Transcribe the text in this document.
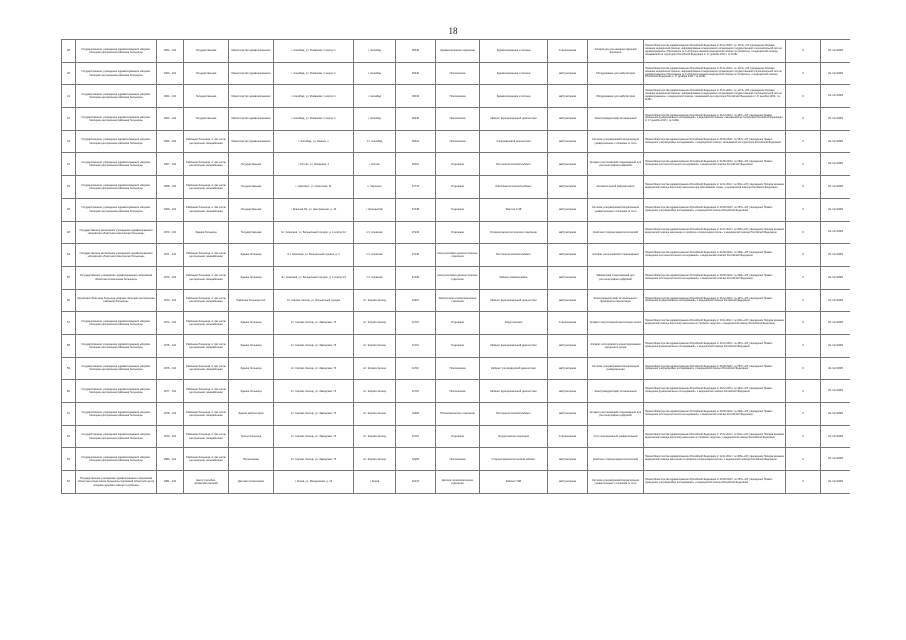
18
38	Государственное учреждение здравоохранения «Кирово-Чепецкая центральная районная больница»	1964…101	Государственная	Министерство здравоохранения	г. Ашхабад, ул. Романова, 1 корпус 1	г. Ашхабад	36440	Здравоохранение отделение	Здравоохранение и гигиена	Стационарная	Аппаратура для оказания функций внешнего	Приказ Министерства здравоохранения Российской Федерации от 06.11.2020 г. № 1271н «Об утверждении Порядка оказания медицинской помощи, информирование в медицинских организациях государственной и муниципальной систем здравоохранения» (Приложение № 6 «Порядок оказания медицинской помощи по профилю»), и медицинской помощи, оказываемой на территории Российской Федерации от 17 декабря 2010 г. № 1128н	0	31.12.2025
40	Государственное учреждение здравоохранения «Кирово-Чепецкая центральная районная больница»	1964…101	Государственная	Министерство здравоохранения	г. Ашхабад, ул. Романова, 1 корпус 1	г. Ашхабад	36440	Поликлиника	Здравоохранение и гигиена	амбулаторная	Оборудование для амбулатории	Приказ Министерства здравоохранения Российской Федерации от 06.11.2020 г. № 1271н «Об утверждении Порядка оказания медицинской помощи, информирование в медицинских организациях государственной и муниципальной систем здравоохранения» (Приложение № 6 «Порядок оказания медицинской помощи по профилю»), и медицинской помощи Российской Федерации от 17 декабря 2010 г. № 1128н	0	31.12.2025
41	Государственное учреждение здравоохранения «Кирово-Чепецкая центральная районная больница»	1964…101	Государственная	Министерство здравоохранения	г. Ашхабад, ул. Романова, 1 корпус 1	г. Ашхабад	36440	Поликлиника	Здравоохранение и гигиена	амбулаторная	Оборудование для амбулатории	Приказ Министерства здравоохранения Российской Федерации от 06.11.2020 г. № 1271н «Об утверждении Порядка оказания медицинской помощи, информирование в медицинских организациях государственной и муниципальной систем здравоохранения», и медицинской помощи, оказываемой на территории Российской Федерации от 17 декабря 2010 г. № 1128н	0	31.12.2025
42	Государственное учреждение здравоохранения «Кирово-Чепецкая центральная районная больница»	1964…101	Государственная	Министерство здравоохранения	г. Ашхабад, ул. Романова, 1 корпус 1	г. Ашхабад	36440	Поликлиника	Кабинет функциональной диагностики	амбулаторная	Электрокардиограф 12-канальный	Приказ Министерства здравоохранения Российской Федерации от 26.12.2016 г. № 997н «Об утверждении Правил проведения функциональных исследований», и медицинской помощи, оказываемой на территории Российской Федерации от 17 декабря 2010 г. № 1128н	0	31.12.2025
43	Государственное учреждение здравоохранения «Кирово-Чепецкая центральная районная больница»	1964…101	Районная больница, в том числе центральная, межрайонная	Министерство здравоохранения	г. Ашхабад, ул. Ленина, 1	пгт. Ашхабад	36121	Поликлиника	Ультразвуковой диагностики	амбулаторная	Система ультразвуковой визуализации универсальная с питанием от сети	Приказ Министерства здравоохранения Российской Федерации от 08.06.2020 г. № 557н «Об утверждении Правил проведения ультразвуковых исследований», и медицинской помощи, оказываемой на территории Российской Федерации	0	31.12.2025
44	Государственное учреждение здравоохранения «Кирово-Чепецкая центральная районная больница»	1967…101	Районная больница, в том числе центральная, межрайонная	Государственная	г. Котлас, ул. Романова, 1	г. Котлас	36121	Отделение	Рентгенологический кабинет	амбулаторная	Аппарат рентгеновский стационарный для рентгенографии цифровой	Приказ Министерства здравоохранения Российской Федерации от 09.06.2020 г. № 560н «Об утверждении Правил проведения рентгенологических исследований», и медицинской помощи Российской Федерации	0	31.12.2025
45	Государственное учреждение здравоохранения «Кирово-Чепецкая центральная районная больница»	1968…101	Районная больница, в том числе центральная, межрайонная	Государственная	г. Чарозеро, ул. Советская, 11	п. Чарозеро	37770	Отделение	Офтальмологический кабинет	амбулаторная	Автоматический рефрактометр	Приказ Министерства здравоохранения Российской Федерации от 12.11.2012 г. № 902н «Об утверждении Порядка оказания медицинской помощи взрослому населению при заболеваниях глаза», и медицинской помощи Российской Федерации	0	31.12.2025
46	Государственное учреждение здравоохранения «Кирово-Чепецкая центральная районная больница»	1969…101	Районная больница, в том числе центральная, межрайонная	Государственная	г. Красный Яр, ул. Центральная, д. 10	г. Красный Яр	37148	Отделение	Рентген У-38	амбулаторная	Система ультразвуковой визуализации универсальная с питанием от сети	Приказ Министерства здравоохранения Российской Федерации от 08.06.2020 г. № 557н «Об утверждении Правил проведения ультразвуковых исследований», и медицинской помощи Российской Федерации	0	31.12.2025
48	Государственное автономное учреждение здравоохранения «Кировская областная клиническая больница»	1970…101	Здание больница	Государственная	пгт. Алексеев, ул. Больничный городок, д. 1 корпус 12	пгт. Алексеев	37140	Отделение	Оториноларингологическое отделение	амбулаторная	Комплекс оториноларингологический	Приказ Министерства здравоохранения Российской Федерации от 12.11.2012 г. № 905н «Об утверждении Порядка оказания медицинской помощи населению по профилю оториноларингология», и медицинской помощи Российской Федерации	0	31.12.2025
54	Государственное автономное учреждение здравоохранения «Кировская областная клиническая больница»	1971…101	Районная больница, в том числе центральная, межрайонная	Здание больница	пгт. Алексеев, ул. Больничный городок, д. 1	пгт. Алексеев	37140	Консультативно-диагностическое отделение	Рентгенологический кабинет	амбулаторная	Аппарат рентгеновский стационарный	Приказ Министерства здравоохранения Российской Федерации от 09.06.2020 г. № 560н «Об утверждении Правил проведения рентгенологических исследований», и медицинской помощи Российской Федерации	0	31.12.2025
55	Государственное учреждение здравоохранения «Кировская областная клиническая больница»	1972…101	Районная больница, в том числе центральная, межрайонная	Здание больница	пгт. Алексеев, ул. Больничный городок, д. 1 корпус 12	пгт. Алексеев	37140	Консультативно-диагностическое отделение	Кабинет маммографии	амбулаторная	Маммограф стационарный для рентгенографии цифровой	Приказ Министерства здравоохранения Российской Федерации от 09.06.2020 г. № 560н «Об утверждении Правил проведения рентгенологических исследований», и медицинской помощи Российской Федерации	0	31.12.2025
56	Кировская областная больница «Кирово-Чепецкая центральная районная больница»	1973…101	Районная больница, в том числе центральная, межрайонная	Районная больница №1	пгт. Кирово-Чепецк, ул. Больничный городок	пгт. Кирово-Чепецк	11927	Амбулаторно-поликлиническое отделение	Кабинет функциональной диагностики	амбулаторная	Электрокардиограф 12-канальный с функцией интерпретации	Приказ Министерства здравоохранения Российской Федерации от 26.12.2016 г. № 997н «Об утверждении Правил проведения функциональных исследований», и медицинской помощи Российской Федерации	0	31.12.2025
57	Государственное учреждение здравоохранения «Кирово-Чепецкая центральная районная больница»	1974…101	Районная больница, в том числе центральная, межрайонная	Здание больница	пгт. Кирово-Чепецк, ул. Заводская, 73	пгт. Кирово-Чепецк	11710	Отделение	Хирургическое	Стационарная	Аппарат искусственной вентиляции легких	Приказ Министерства здравоохранения Российской Федерации от 15.11.2012 г. № 922н «Об утверждении Порядка оказания медицинской помощи взрослому населению по профилю хирургия», и медицинской помощи Российской Федерации	0	31.12.2025
58	Государственное учреждение здравоохранения «Кирово-Чепецкая центральная районная больница»	1975…101	Районная больница, в том числе центральная, межрайонная	Здание больница	пгт. Кирово-Чепецк, ул. Заводская, 73	пгт. Кирово-Чепецк	11710	Отделение	Кабинет функциональной диагностики	амбулаторная	Аппарат холтеровского мониторирования сердечного ритма	Приказ Министерства здравоохранения Российской Федерации от 26.12.2016 г. № 997н «Об утверждении Правил проведения функциональных исследований», и медицинской помощи Российской Федерации	0	31.12.2025
59	Государственное учреждение здравоохранения «Кирово-Чепецкая центральная районная больница»	1976…101	Районная больница, в том числе центральная, межрайонная	Здание больница	пгт. Кирово-Чепецк, ул. Заводская, 73	пгт. Кирово-Чепецк	11710	Поликлиника	Кабинет ультразвуковой диагностики	амбулаторная	Система ультразвуковой визуализации универсальная	Приказ Министерства здравоохранения Российской Федерации от 08.06.2020 г. № 557н «Об утверждении Правил проведения ультразвуковых исследований», и медицинской помощи Российской Федерации	0	31.12.2025
60	Государственное учреждение здравоохранения «Кирово-Чепецкая центральная районная больница»	1977…101	Районная больница, в том числе центральная, межрайонная	Здание больница	пгт. Кирово-Чепецк, ул. Заводская, 73	пгт. Кирово-Чепецк	11710	Поликлиника	Кабинет функциональной диагностики	амбулаторная	Электрокардиограф 12-канальный	Приказ Министерства здравоохранения Российской Федерации от 26.12.2016 г. № 997н «Об утверждении Правил проведения функциональных исследований», и медицинской помощи Российской Федерации	0	31.12.2025
61	Государственное учреждение здравоохранения «Кирово-Чепецкая центральная районная больница»	1978…101	Районная больница, в том числе центральная, межрайонная	Здание амбулатории	пгт. Кирово-Чепецк, ул. Заводская, 73	пгт. Кирово-Чепецк	11925	Поликлиническое отделение	Рентгенологический кабинет	амбулаторная	Аппарат рентгеновский стационарный для рентгенографии цифровой	Приказ Министерства здравоохранения Российской Федерации от 09.06.2020 г. № 560н «Об утверждении Правил проведения рентгенологических исследований», и медицинской помощи Российской Федерации	0	31.12.2025
62	Государственное учреждение здравоохранения «Кирово-Чепецкая центральная районная больница»	1979…101	Районная больница, в том числе центральная, межрайонная	Третья больница	пгт. Кирово-Чепецк, ул. Заводская, 73	пгт. Кирово-Чепецк	11710	Отделение	Хирургическое отделение	Стационарная	Стол операционный универсальный	Приказ Министерства здравоохранения Российской Федерации от 15.11.2012 г. № 922н «Об утверждении Порядка оказания медицинской помощи взрослому населению по профилю хирургия», и медицинской помощи Российской Федерации	0	31.12.2025
63	Государственное учреждение здравоохранения «Кирово-Чепецкая центральная районная больница»	1980…101	Районная больница, в том числе центральная, межрайонная	Поликлиника	пгт. Кирово-Чепецк, ул. Заводская, 73	пгт. Кирово-Чепецк	11925	Поликлиника	Оториноларингологический кабинет	амбулаторная	Комплекс оториноларингологический	Приказ Министерства здравоохранения Российской Федерации от 12.11.2012 г. № 905н «Об утверждении Порядка оказания медицинской помощи населению по профилю оториноларингология», и медицинской помощи Российской Федерации	0	31.12.2025
64	Государственное учреждение здравоохранения «Кировская областная клиническая больница» Кировский областной центр «Охрана здоровья матери и ребенка»	1981…101	Центр (лечебно-профилактический)	Детская поликлиника	г. Киров, ул. Менделеева, д. 12	г. Киров	16137	Детское поликлиническое отделение	Кабинет УЗИ	амбулаторная	Система ультразвуковой визуализации универсальная с питанием от сети	Приказ Министерства здравоохранения Российской Федерации от 08.06.2020 г. № 557н «Об утверждении Правил проведения ультразвуковых исследований», и медицинской помощи Российской Федерации	0	31.12.2025
